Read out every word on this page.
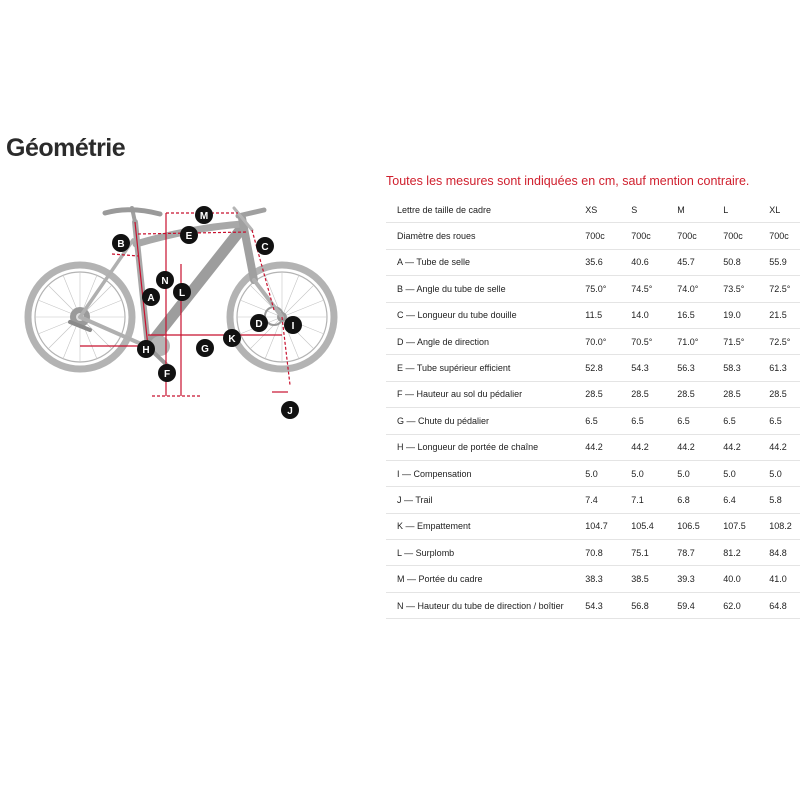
Géométrie

Toutes les mesures sont indiquées en cm, sauf mention contraire.

A
B	C
D
E
F
G
H
I
J
K
L
M
N
Lettre de taille de cadre	XS	S	M	L	XL
Diamètre des roues	700c	700c	700c	700c	700c
A — Tube de selle	35.6	40.6	45.7	50.8	55.9
B — Angle du tube de selle	75.0°	74.5°	74.0°	73.5°	72.5°
C — Longueur du tube douille	11.5	14.0	16.5	19.0	21.5
D — Angle de direction	70.0°	70.5°	71.0°	71.5°	72.5°
E — Tube supérieur efficient	52.8	54.3	56.3	58.3	61.3
F — Hauteur au sol du pédalier	28.5	28.5	28.5	28.5	28.5
G — Chute du pédalier	6.5	6.5	6.5	6.5	6.5
H — Longueur de portée de chaîne	44.2	44.2	44.2	44.2	44.2
I — Compensation	5.0	5.0	5.0	5.0	5.0
J — Trail	7.4	7.1	6.8	6.4	5.8
K — Empattement	104.7	105.4	106.5	107.5	108.2
L — Surplomb	70.8	75.1	78.7	81.2	84.8
M — Portée du cadre	38.3	38.5	39.3	40.0	41.0
N — Hauteur du tube de direction / boîtier	54.3	56.8	59.4	62.0	64.8
